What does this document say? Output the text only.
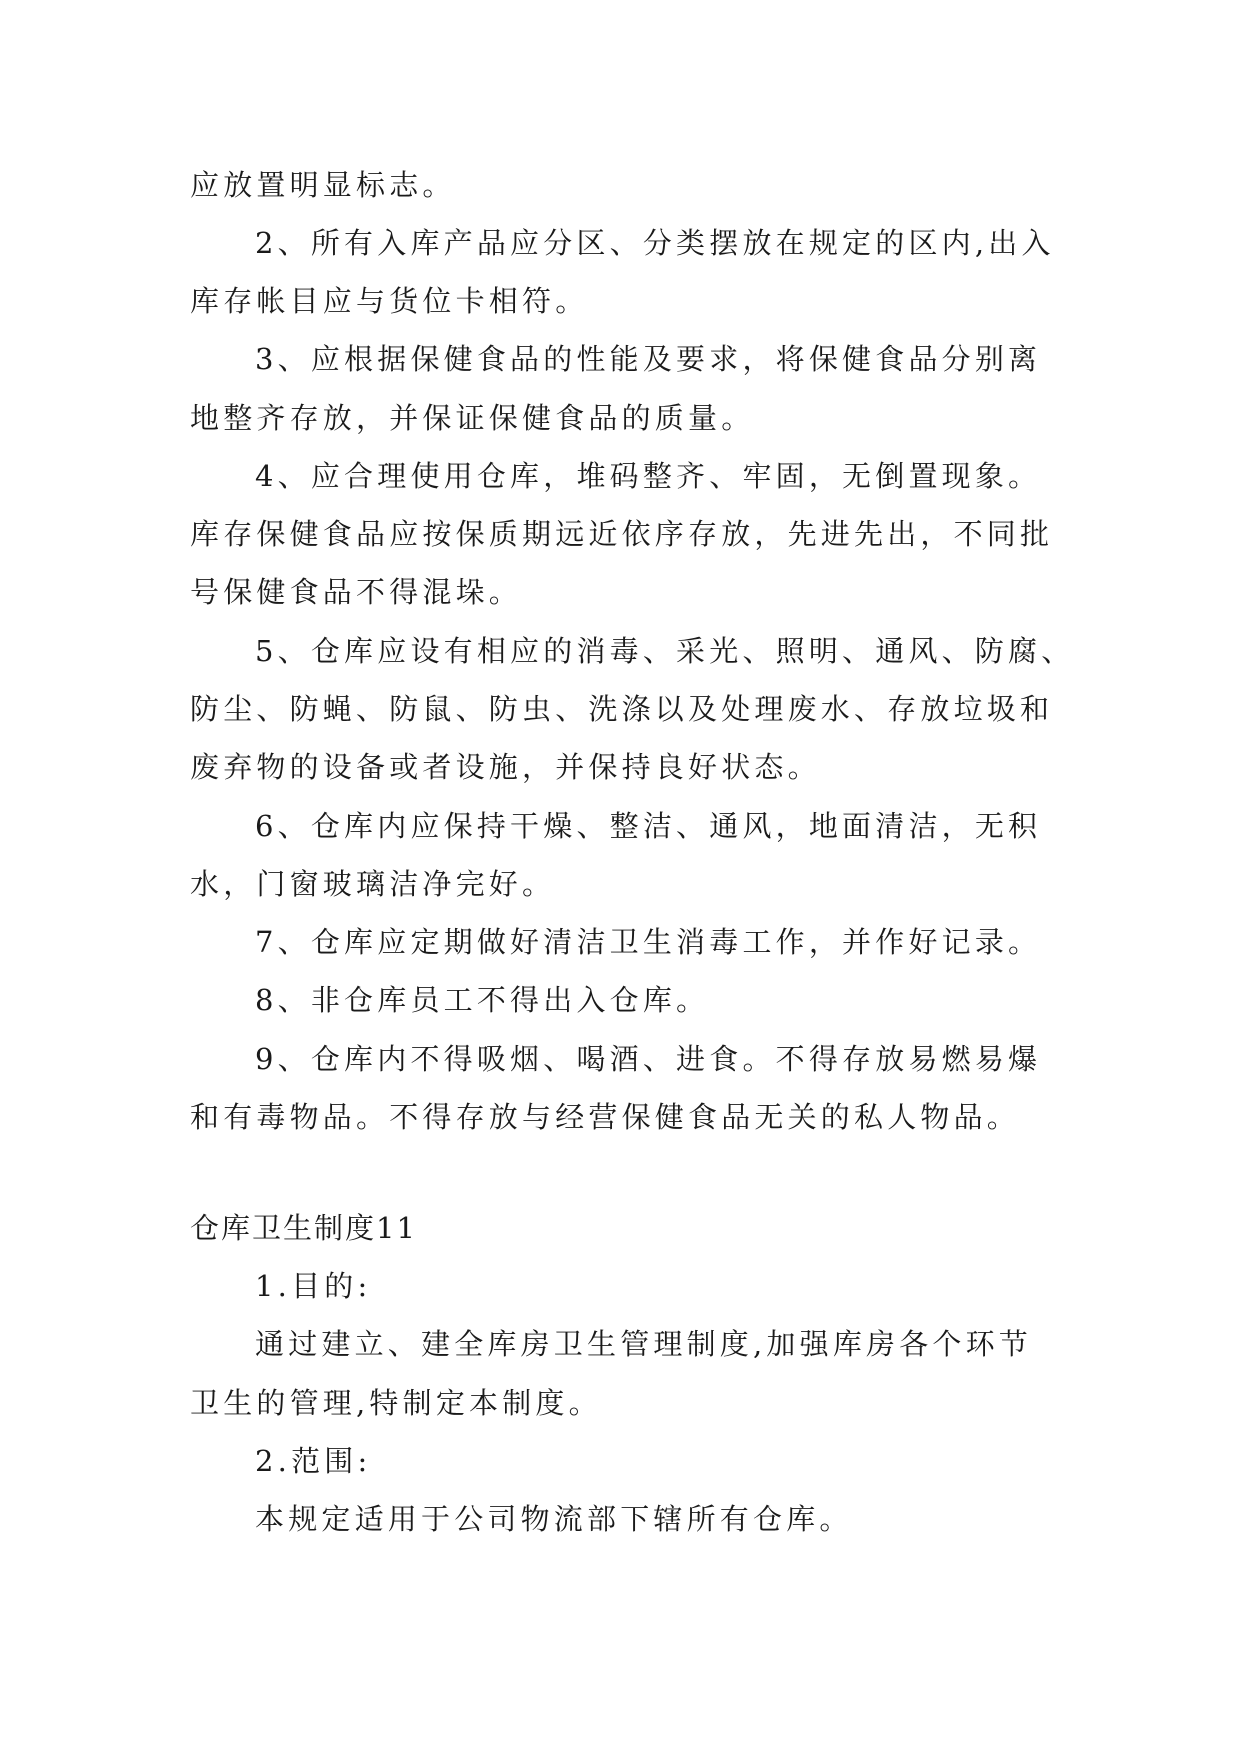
应放置明显标志。
2、所有入库产品应分区、分类摆放在规定的区内,出入
库存帐目应与货位卡相符。
3、应根据保健食品的性能及要求，将保健食品分别离
地整齐存放，并保证保健食品的质量。
4、应合理使用仓库，堆码整齐、牢固，无倒置现象。
库存保健食品应按保质期远近依序存放，先进先出，不同批
号保健食品不得混垛。
5、仓库应设有相应的消毒、采光、照明、通风、防腐、
防尘、防蝇、防鼠、防虫、洗涤以及处理废水、存放垃圾和
废弃物的设备或者设施，并保持良好状态。
6、仓库内应保持干燥、整洁、通风，地面清洁，无积
水，门窗玻璃洁净完好。
7、仓库应定期做好清洁卫生消毒工作，并作好记录。
8、非仓库员工不得出入仓库。
9、仓库内不得吸烟、喝酒、进食。不得存放易燃易爆
和有毒物品。不得存放与经营保健食品无关的私人物品。
仓库卫生制度11
1.目的:
通过建立、建全库房卫生管理制度,加强库房各个环节
卫生的管理,特制定本制度。
2.范围:
本规定适用于公司物流部下辖所有仓库。
